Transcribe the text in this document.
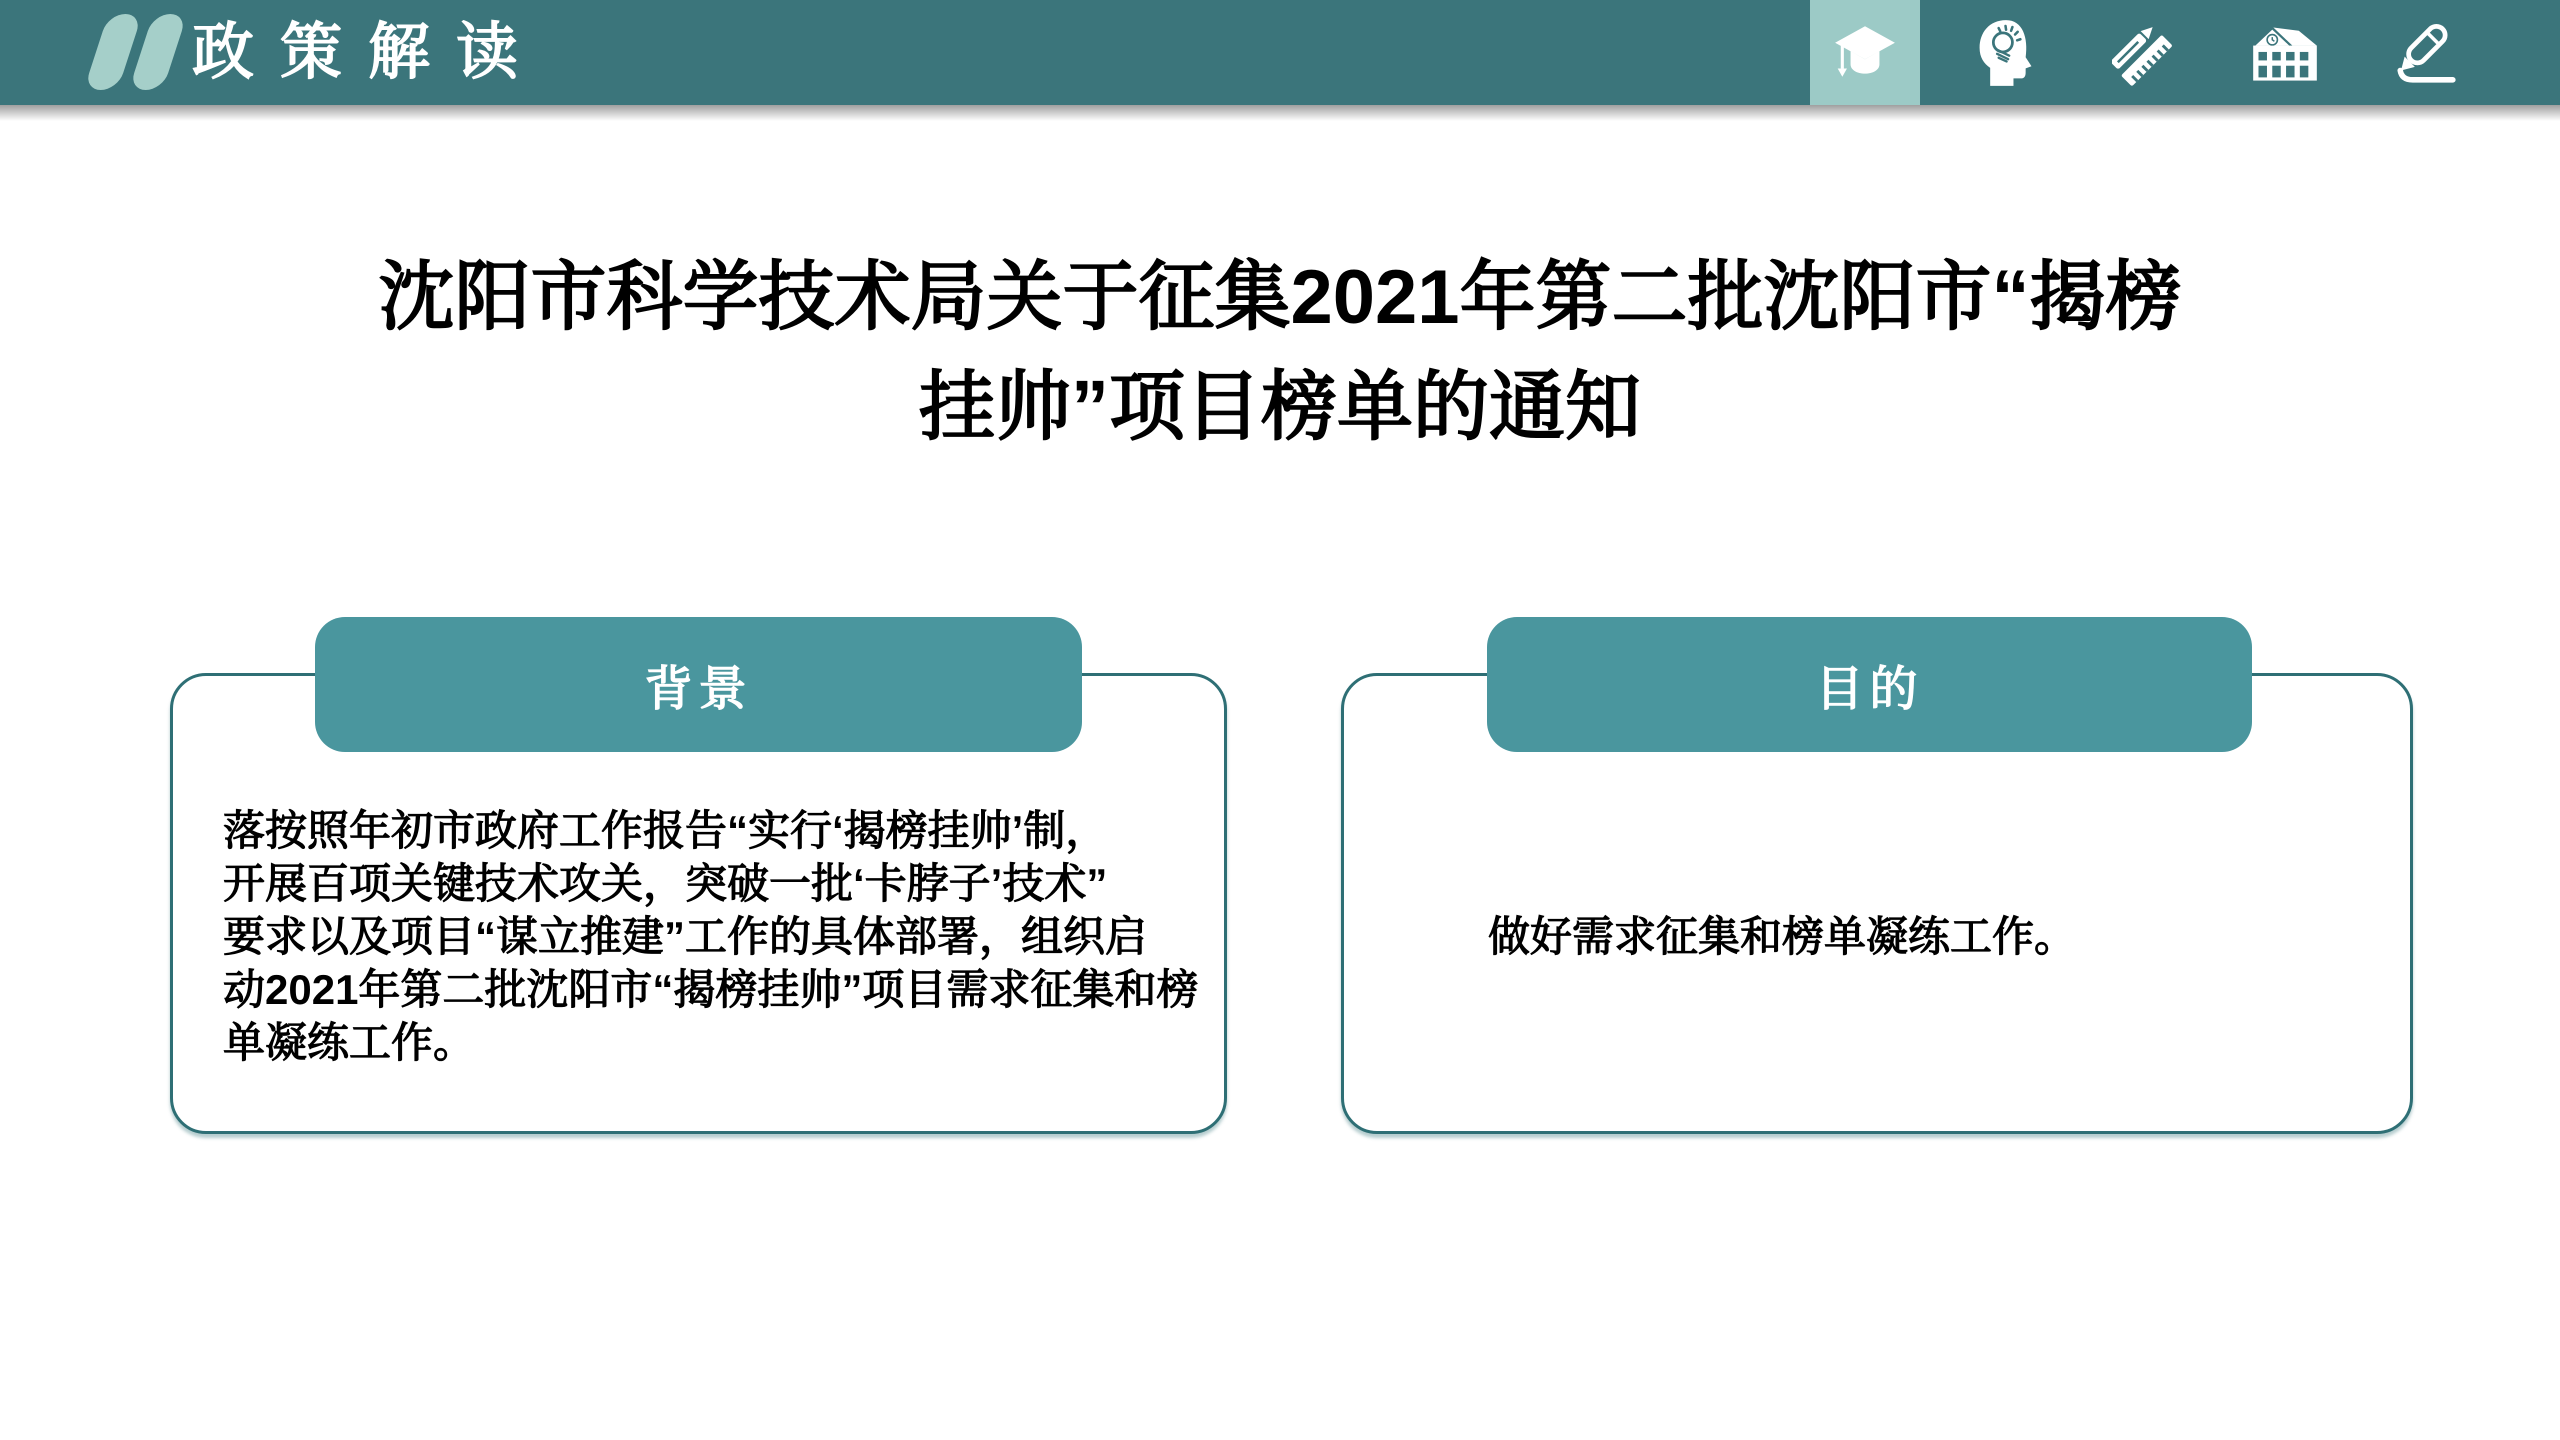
政策解读
沈阳市科学技术局关于征集2021年第二批沈阳市“揭榜
挂帅”项目榜单的通知
落按照年初市政府工作报告“实行‘揭榜挂帅’制，
开展百项关键技术攻关，突破一批‘卡脖子’技术”
要求以及项目“谋立推建”工作的具体部署，组织启
动2021年第二批沈阳市“揭榜挂帅”项目需求征集和榜
单凝练工作。
背景

做好需求征集和榜单凝练工作。

目的
